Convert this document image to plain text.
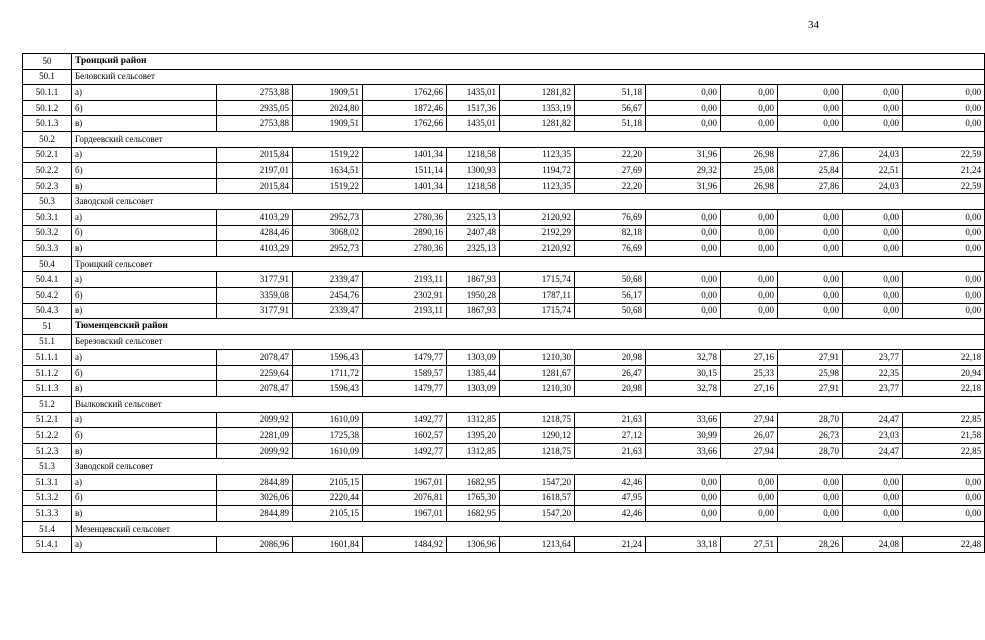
34
50	Троицкий район											
50.1	Беловский сельсовет											
50.1.1	а)	2753,88	1909,51	1762,66	1435,01	1281,82	51,18	0,00	0,00	0,00	0,00	0,00
50.1.2	б)	2935,05	2024,80	1872,46	1517,36	1353,19	56,67	0,00	0,00	0,00	0,00	0,00
50.1.3	в)	2753,88	1909,51	1762,66	1435,01	1281,82	51,18	0,00	0,00	0,00	0,00	0,00
50.2	Гордеевский сельсовет											
50.2.1	а)	2015,84	1519,22	1401,34	1218,58	1123,35	22,20	31,96	26,98	27,86	24,03	22,59
50.2.2	б)	2197,01	1634,51	1511,14	1300,93	1194,72	27,69	29,32	25,08	25,84	22,51	21,24
50.2.3	в)	2015,84	1519,22	1401,34	1218,58	1123,35	22,20	31,96	26,98	27,86	24,03	22,59
50.3	Заводской сельсовет											
50.3.1	а)	4103,29	2952,73	2780,36	2325,13	2120,92	76,69	0,00	0,00	0,00	0,00	0,00
50.3.2	б)	4284,46	3068,02	2890,16	2407,48	2192,29	82,18	0,00	0,00	0,00	0,00	0,00
50.3.3	в)	4103,29	2952,73	2780,36	2325,13	2120,92	76,69	0,00	0,00	0,00	0,00	0,00
50.4	Троицкий сельсовет											
50.4.1	а)	3177,91	2339,47	2193,11	1867,93	1715,74	50,68	0,00	0,00	0,00	0,00	0,00
50.4.2	б)	3359,08	2454,76	2302,91	1950,28	1787,11	56,17	0,00	0,00	0,00	0,00	0,00
50.4.3	в)	3177,91	2339,47	2193,11	1867,93	1715,74	50,68	0,00	0,00	0,00	0,00	0,00
51	Тюменцевский район											
51.1	Березовский сельсовет											
51.1.1	а)	2078,47	1596,43	1479,77	1303,09	1210,30	20,98	32,78	27,16	27,91	23,77	22,18
51.1.2	б)	2259,64	1711,72	1589,57	1385,44	1281,67	26,47	30,15	25,33	25,98	22,35	20,94
51.1.3	в)	2078,47	1596,43	1479,77	1303,09	1210,30	20,98	32,78	27,16	27,91	23,77	22,18
51.2	Вылковский сельсовет											
51.2.1	а)	2099,92	1610,09	1492,77	1312,85	1218,75	21,63	33,66	27,94	28,70	24,47	22,85
51.2.2	б)	2281,09	1725,38	1602,57	1395,20	1290,12	27,12	30,99	26,07	26,73	23,03	21,58
51.2.3	в)	2099,92	1610,09	1492,77	1312,85	1218,75	21,63	33,66	27,94	28,70	24,47	22,85
51.3	Заводской сельсовет											
51.3.1	а)	2844,89	2105,15	1967,01	1682,95	1547,20	42,46	0,00	0,00	0,00	0,00	0,00
51.3.2	б)	3026,06	2220,44	2076,81	1765,30	1618,57	47,95	0,00	0,00	0,00	0,00	0,00
51.3.3	в)	2844,89	2105,15	1967,01	1682,95	1547,20	42,46	0,00	0,00	0,00	0,00	0,00
51.4	Мезенцевский сельсовет											
51.4.1	а)	2086,96	1601,84	1484,92	1306,96	1213,64	21,24	33,18	27,51	28,26	24,08	22,48
